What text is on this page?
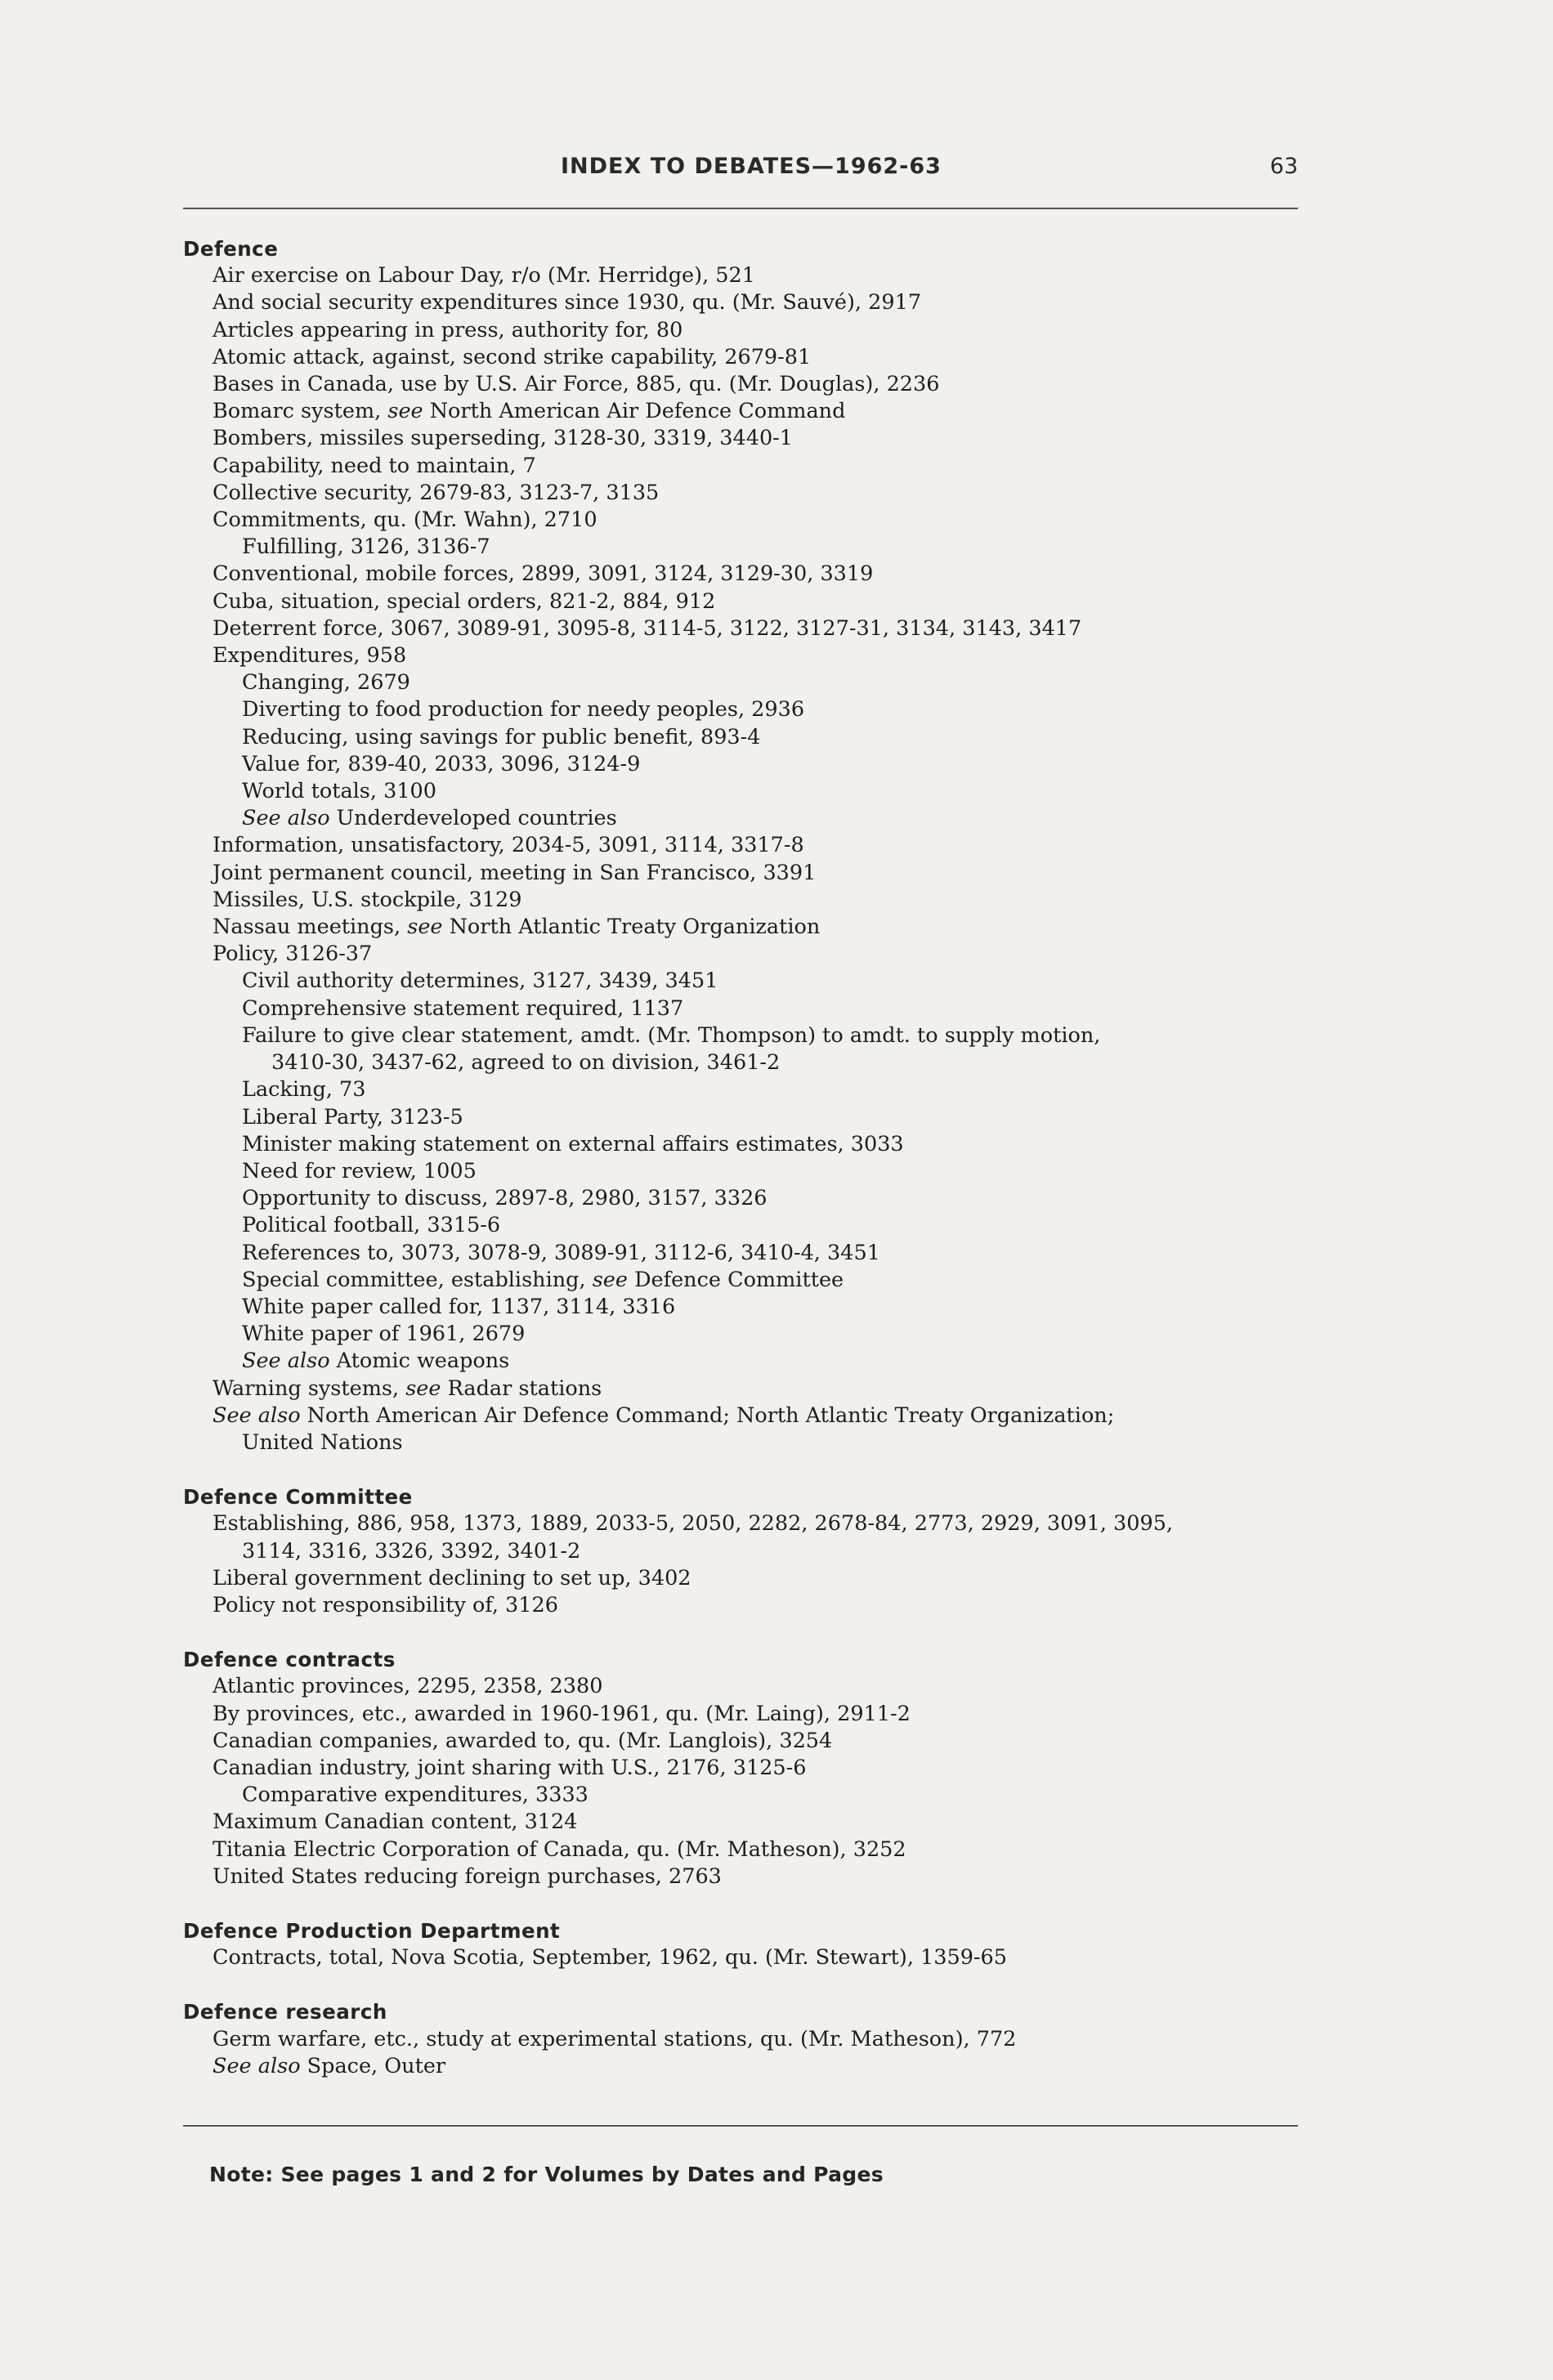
INDEX TO DEBATES—1962-63	63
Defence
Air exercise on Labour Day, r/o (Mr. Herridge), 521
And social security expenditures since 1930, qu. (Mr. Sauvé), 2917
Articles appearing in press, authority for, 80
Atomic attack, against, second strike capability, 2679-81
Bases in Canada, use by U.S. Air Force, 885, qu. (Mr. Douglas), 2236
Bomarc system, see North American Air Defence Command
Bombers, missiles superseding, 3128-30, 3319, 3440-1
Capability, need to maintain, 7
Collective security, 2679-83, 3123-7, 3135
Commitments, qu. (Mr. Wahn), 2710
Fulfilling, 3126, 3136-7
Conventional, mobile forces, 2899, 3091, 3124, 3129-30, 3319
Cuba, situation, special orders, 821-2, 884, 912
Deterrent force, 3067, 3089-91, 3095-8, 3114-5, 3122, 3127-31, 3134, 3143, 3417
Expenditures, 958
Changing, 2679
Diverting to food production for needy peoples, 2936
Reducing, using savings for public benefit, 893-4
Value for, 839-40, 2033, 3096, 3124-9
World totals, 3100
See also Underdeveloped countries
Information, unsatisfactory, 2034-5, 3091, 3114, 3317-8
Joint permanent council, meeting in San Francisco, 3391
Missiles, U.S. stockpile, 3129
Nassau meetings, see North Atlantic Treaty Organization
Policy, 3126-37
Civil authority determines, 3127, 3439, 3451
Comprehensive statement required, 1137
Failure to give clear statement, amdt. (Mr. Thompson) to amdt. to supply motion,
3410-30, 3437-62, agreed to on division, 3461-2
Lacking, 73
Liberal Party, 3123-5
Minister making statement on external affairs estimates, 3033
Need for review, 1005
Opportunity to discuss, 2897-8, 2980, 3157, 3326
Political football, 3315-6
References to, 3073, 3078-9, 3089-91, 3112-6, 3410-4, 3451
Special committee, establishing, see Defence Committee
White paper called for, 1137, 3114, 3316
White paper of 1961, 2679
See also Atomic weapons
Warning systems, see Radar stations
See also North American Air Defence Command; North Atlantic Treaty Organization;
United Nations
Defence Committee
Establishing, 886, 958, 1373, 1889, 2033-5, 2050, 2282, 2678-84, 2773, 2929, 3091, 3095,
3114, 3316, 3326, 3392, 3401-2
Liberal government declining to set up, 3402
Policy not responsibility of, 3126
Defence contracts
Atlantic provinces, 2295, 2358, 2380
By provinces, etc., awarded in 1960-1961, qu. (Mr. Laing), 2911-2
Canadian companies, awarded to, qu. (Mr. Langlois), 3254
Canadian industry, joint sharing with U.S., 2176, 3125-6
Comparative expenditures, 3333
Maximum Canadian content, 3124
Titania Electric Corporation of Canada, qu. (Mr. Matheson), 3252
United States reducing foreign purchases, 2763
Defence Production Department
Contracts, total, Nova Scotia, September, 1962, qu. (Mr. Stewart), 1359-65
Defence research
Germ warfare, etc., study at experimental stations, qu. (Mr. Matheson), 772
See also Space, Outer
Note: See pages 1 and 2 for Volumes by Dates and Pages
